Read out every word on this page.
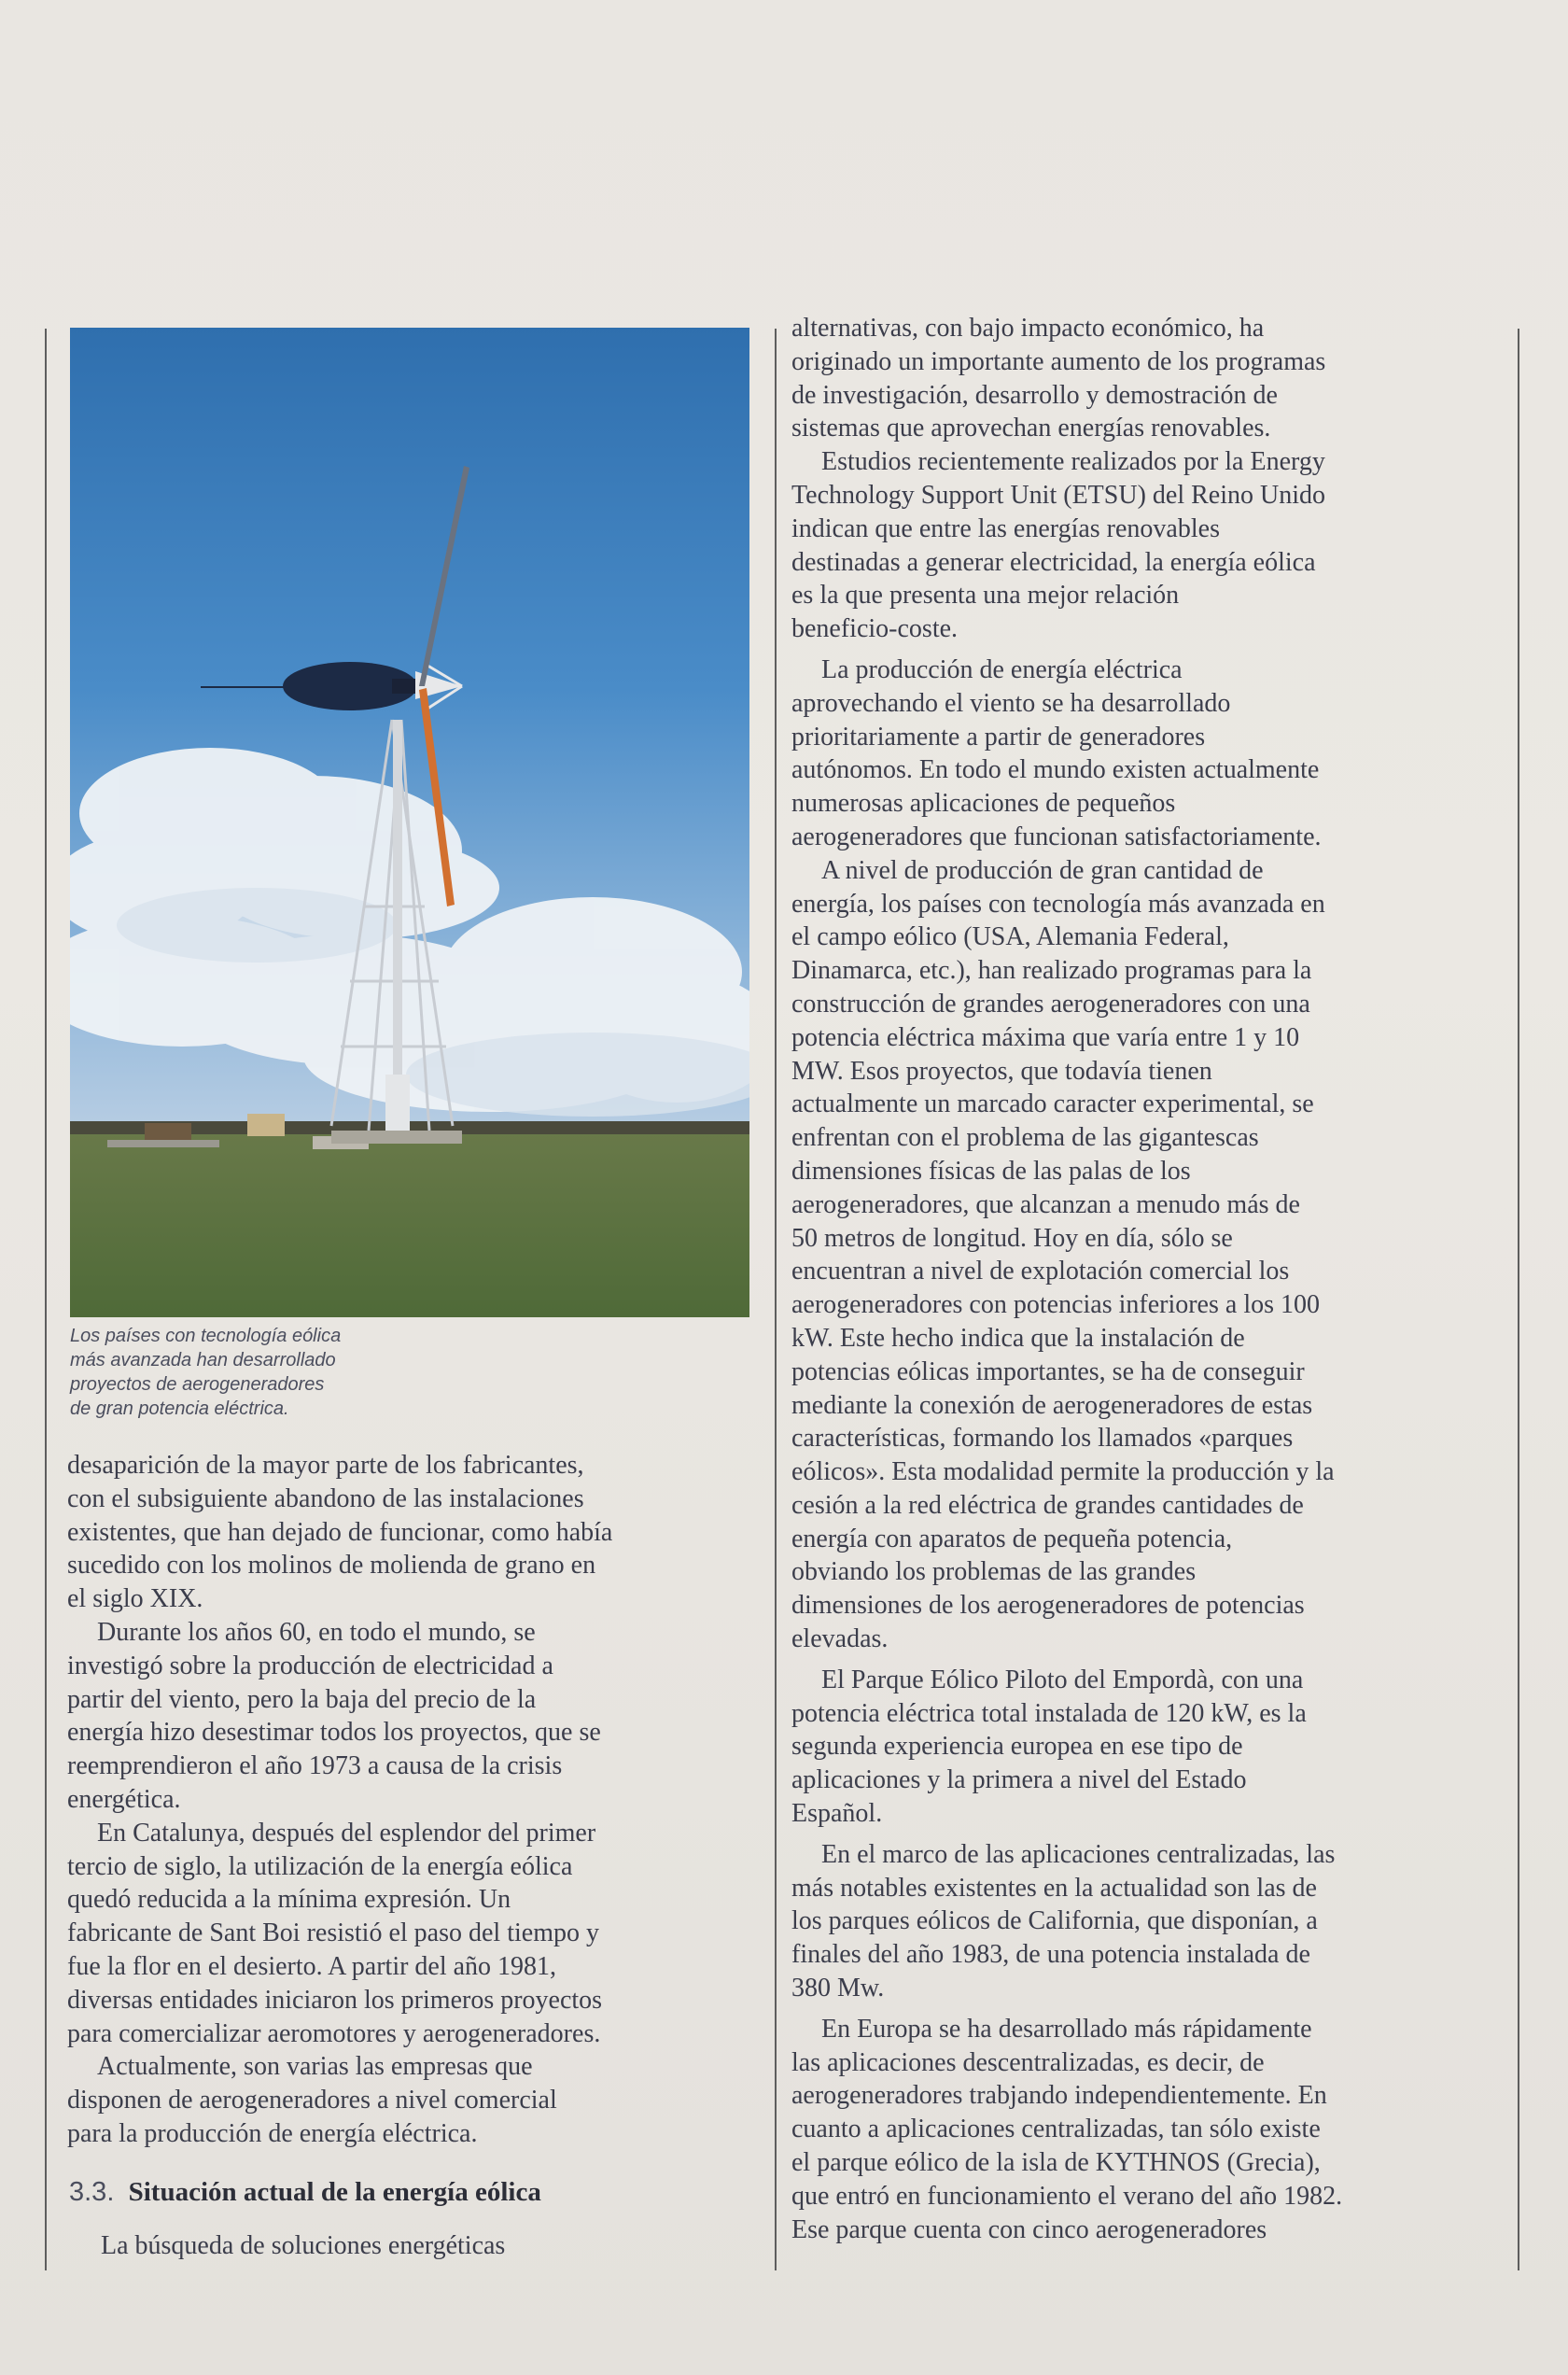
Los países con tecnología eólica
más avanzada han desarrollado
proyectos de aerogeneradores
de gran potencia eléctrica.
desaparición de la mayor parte de los fabricantes,
con el subsiguiente abandono de las instalaciones
existentes, que han dejado de funcionar, como había
sucedido con los molinos de molienda de grano en
el siglo XIX.
Durante los años 60, en todo el mundo, se
investigó sobre la producción de electricidad a
partir del viento, pero la baja del precio de la
energía hizo desestimar todos los proyectos, que se
reemprendieron el año 1973 a causa de la crisis
energética.
En Catalunya, después del esplendor del primer
tercio de siglo, la utilización de la energía eólica
quedó reducida a la mínima expresión. Un
fabricante de Sant Boi resistió el paso del tiempo y
fue la flor en el desierto. A partir del año 1981,
diversas entidades iniciaron los primeros proyectos
para comercializar aeromotores y aerogeneradores.
Actualmente, son varias las empresas que
disponen de aerogeneradores a nivel comercial
para la producción de energía eléctrica.
3.3. Situación actual de la energía eólica
La búsqueda de soluciones energéticas
alternativas, con bajo impacto económico, ha
originado un importante aumento de los programas
de investigación, desarrollo y demostración de
sistemas que aprovechan energías renovables.
Estudios recientemente realizados por la Energy
Technology Support Unit (ETSU) del Reino Unido
indican que entre las energías renovables
destinadas a generar electricidad, la energía eólica
es la que presenta una mejor relación
beneficio-coste.
La producción de energía eléctrica
aprovechando el viento se ha desarrollado
prioritariamente a partir de generadores
autónomos. En todo el mundo existen actualmente
numerosas aplicaciones de pequeños
aerogeneradores que funcionan satisfactoriamente.
A nivel de producción de gran cantidad de
energía, los países con tecnología más avanzada en
el campo eólico (USA, Alemania Federal,
Dinamarca, etc.), han realizado programas para la
construcción de grandes aerogeneradores con una
potencia eléctrica máxima que varía entre 1 y 10
MW. Esos proyectos, que todavía tienen
actualmente un marcado caracter experimental, se
enfrentan con el problema de las gigantescas
dimensiones físicas de las palas de los
aerogeneradores, que alcanzan a menudo más de
50 metros de longitud. Hoy en día, sólo se
encuentran a nivel de explotación comercial los
aerogeneradores con potencias inferiores a los 100
kW. Este hecho indica que la instalación de
potencias eólicas importantes, se ha de conseguir
mediante la conexión de aerogeneradores de estas
características, formando los llamados «parques
eólicos». Esta modalidad permite la producción y la
cesión a la red eléctrica de grandes cantidades de
energía con aparatos de pequeña potencia,
obviando los problemas de las grandes
dimensiones de los aerogeneradores de potencias
elevadas.
El Parque Eólico Piloto del Empordà, con una
potencia eléctrica total instalada de 120 kW, es la
segunda experiencia europea en ese tipo de
aplicaciones y la primera a nivel del Estado
Español.
En el marco de las aplicaciones centralizadas, las
más notables existentes en la actualidad son las de
los parques eólicos de California, que disponían, a
finales del año 1983, de una potencia instalada de
380 Mw.
En Europa se ha desarrollado más rápidamente
las aplicaciones descentralizadas, es decir, de
aerogeneradores trabjando independientemente. En
cuanto a aplicaciones centralizadas, tan sólo existe
el parque eólico de la isla de KYTHNOS (Grecia),
que entró en funcionamiento el verano del año 1982.
Ese parque cuenta con cinco aerogeneradores
